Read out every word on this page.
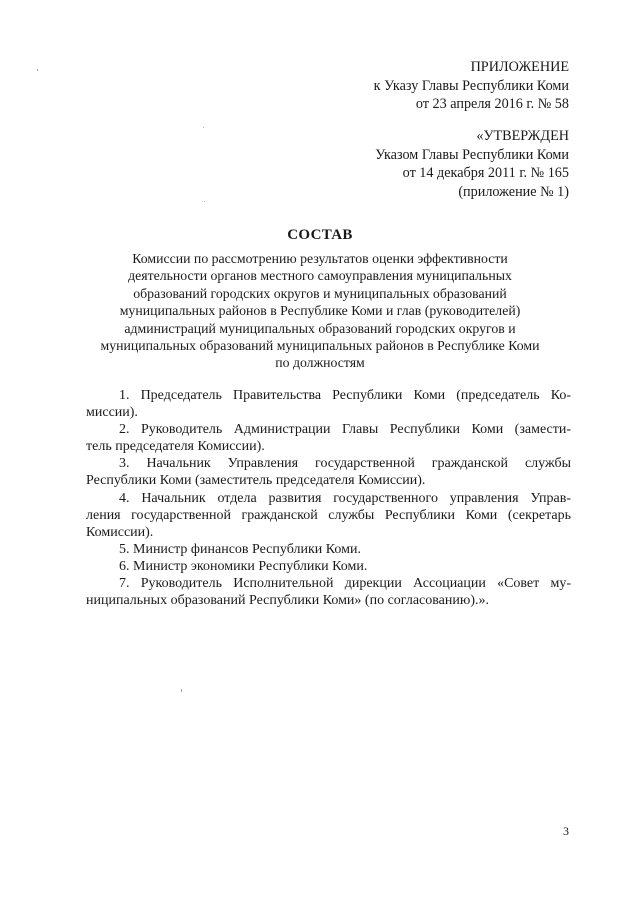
ПРИЛОЖЕНИЕ
к Указу Главы Республики Коми
от 23 апреля 2016 г. № 58
«УТВЕРЖДЕН
Указом Главы Республики Коми
от 14 декабря 2011 г. № 165
(приложение № 1)
СОСТАВ
Комиссии по рассмотрению результатов оценки эффективности
деятельности органов местного самоуправления муниципальных
образований городских округов и муниципальных образований
муниципальных районов в Республике Коми и глав (руководителей)
администраций муниципальных образований городских округов и
муниципальных образований муниципальных районов в Республике Коми
по должностям
1. Председатель Правительства Республики Коми (председатель Ко-
миссии).
2. Руководитель Администрации Главы Республики Коми (замести-
тель председателя Комиссии).
3. Начальник Управления государственной гражданской службы
Республики Коми (заместитель председателя Комиссии).
4. Начальник отдела развития государственного управления Управ-
ления государственной гражданской службы Республики Коми (секретарь
Комиссии).
5. Министр финансов Республики Коми.
6. Министр экономики Республики Коми.
7. Руководитель Исполнительной дирекции Ассоциации «Совет му-
ниципальных образований Республики Коми» (по согласованию).».
3
